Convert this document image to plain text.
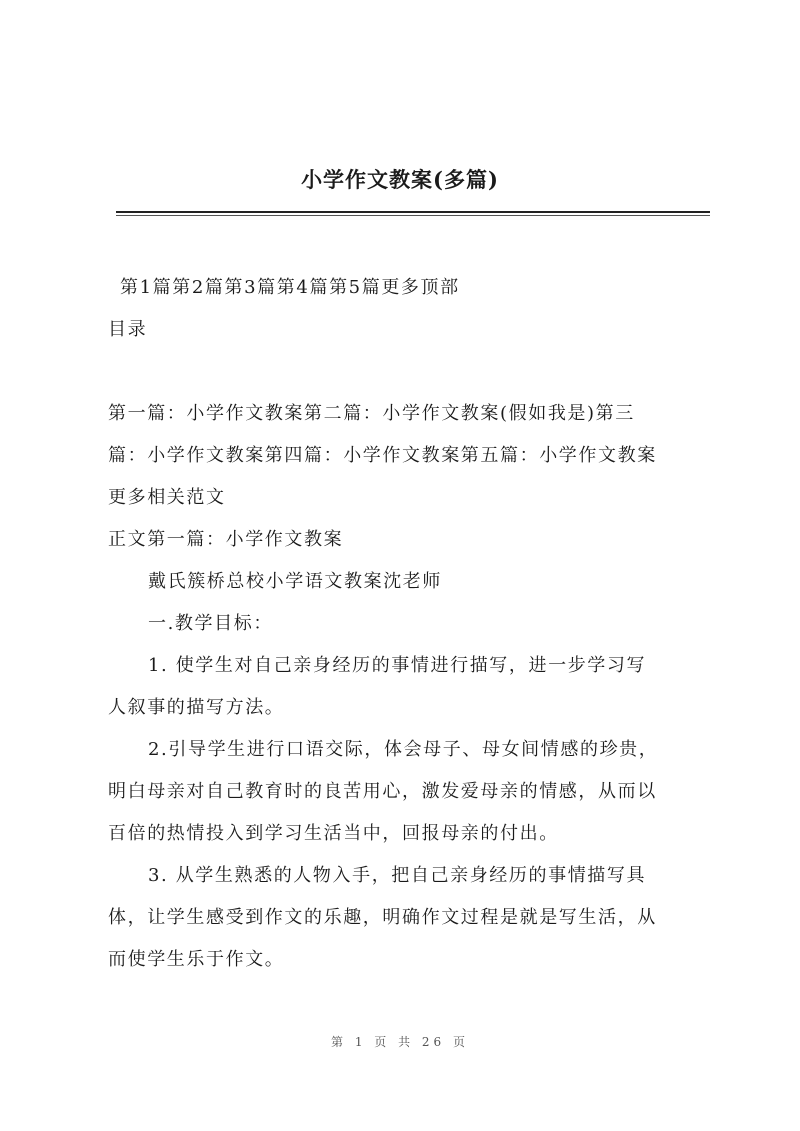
小学作文教案(多篇)
第1篇第2篇第3篇第4篇第5篇更多顶部
目录
第一篇：小学作文教案第二篇：小学作文教案(假如我是)第三
篇：小学作文教案第四篇：小学作文教案第五篇：小学作文教案
更多相关范文
正文第一篇：小学作文教案
戴氏簇桥总校小学语文教案沈老师
一.教学目标：
1. 使学生对自己亲身经历的事情进行描写，进一步学习写
人叙事的描写方法。
2.引导学生进行口语交际，体会母子、母女间情感的珍贵，
明白母亲对自己教育时的良苦用心，激发爱母亲的情感，从而以
百倍的热情投入到学习生活当中，回报母亲的付出。
3. 从学生熟悉的人物入手，把自己亲身经历的事情描写具
体，让学生感受到作文的乐趣，明确作文过程是就是写生活，从
而使学生乐于作文。
第 1 页 共 26 页
